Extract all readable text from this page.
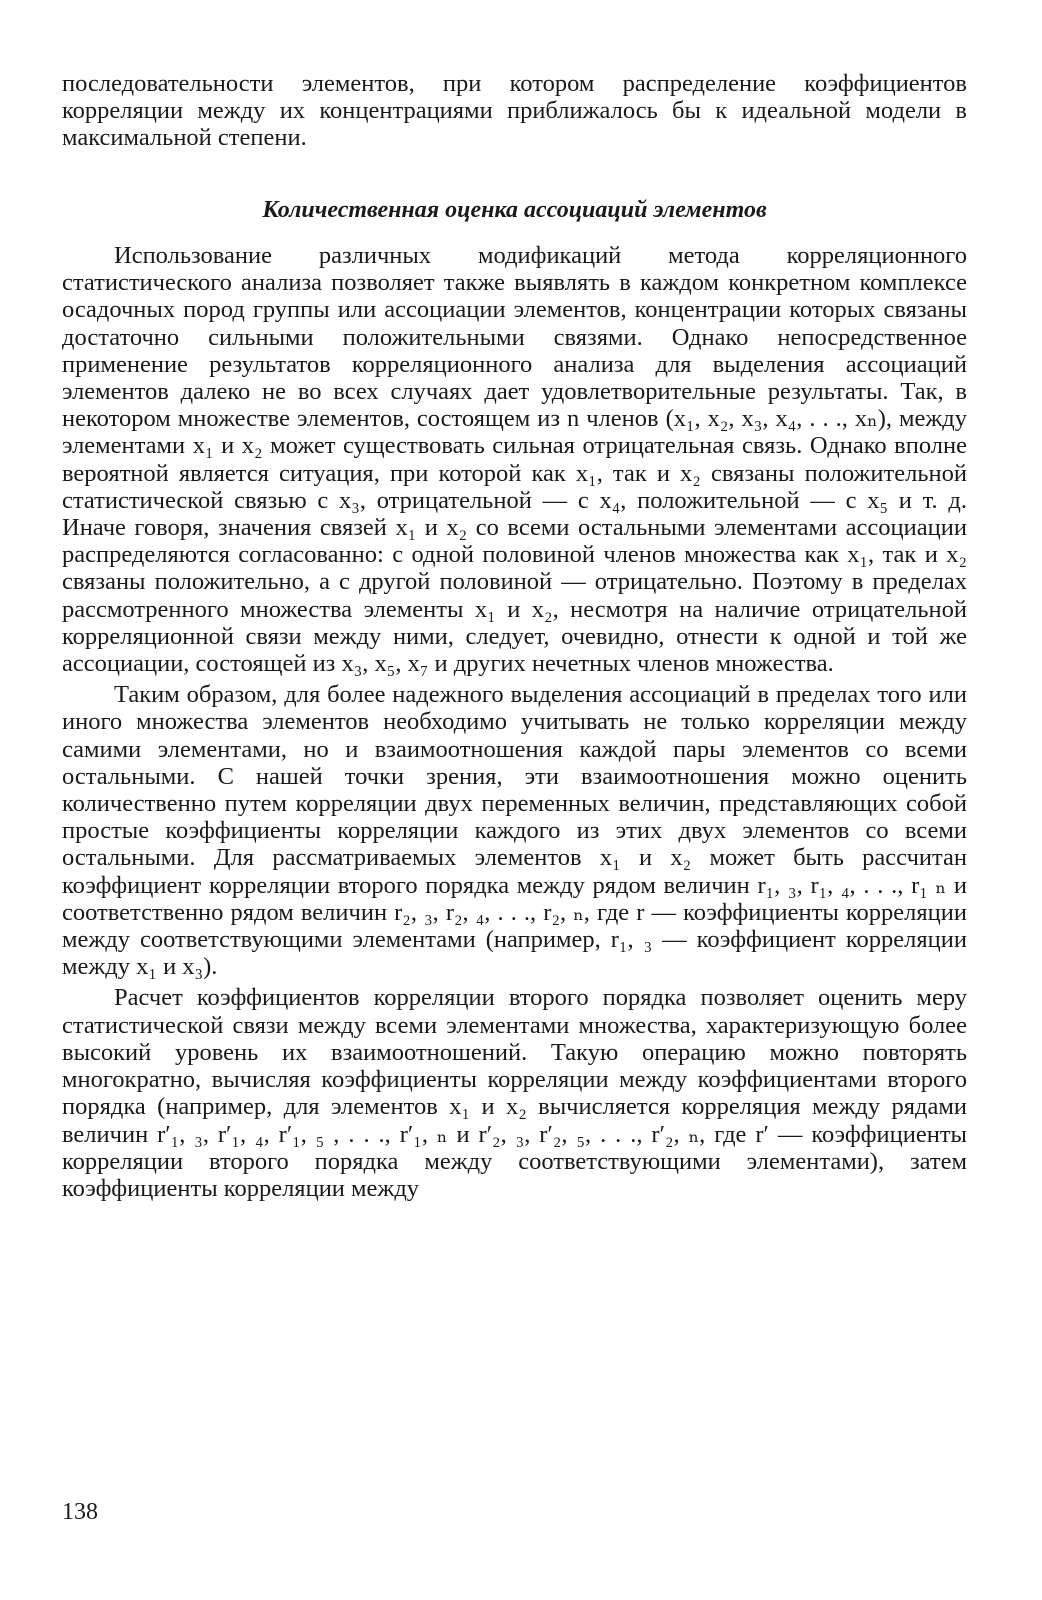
последовательности элементов, при котором распределение коэффициентов корреляции между их концентрациями приближалось бы к идеальной модели в максимальной степени.

Количественная оценка ассоциаций элементов

Использование различных модификаций метода корреляционного статистического анализа позволяет также выявлять в каждом конкретном комплексе осадочных пород группы или ассоциации элементов, концентрации которых связаны достаточно сильными положительными связями. Однако непосредственное применение результатов корреляционного анализа для выделения ассоциаций элементов далеко не во всех случаях дает удовлетворительные результаты. Так, в некотором множестве элементов, состоящем из n членов (x₁, x₂, x₃, x₄, . . ., xₙ), между элементами x₁ и x₂ может существовать сильная отрицательная связь. Однако вполне вероятной является ситуация, при которой как x₁, так и x₂ связаны положительной статистической связью с x₃, отрицательной — с x₄, положительной — с x₅ и т. д. Иначе говоря, значения связей x₁ и x₂ со всеми остальными элементами ассоциации распределяются согласованно: с одной половиной членов множества как x₁, так и x₂ связаны положительно, а с другой половиной — отрицательно. Поэтому в пределах рассмотренного множества элементы x₁ и x₂, несмотря на наличие отрицательной корреляционной связи между ними, следует, очевидно, отнести к одной и той же ассоциации, состоящей из x₃, x₅, x₇ и других нечетных членов множества.

Таким образом, для более надежного выделения ассоциаций в пределах того или иного множества элементов необходимо учитывать не только корреляции между самими элементами, но и взаимоотношения каждой пары элементов со всеми остальными. С нашей точки зрения, эти взаимоотношения можно оценить количественно путем корреляции двух переменных величин, представляющих собой простые коэффициенты корреляции каждого из этих двух элементов со всеми остальными. Для рассматриваемых элементов x₁ и x₂ может быть рассчитан коэффициент корреляции второго порядка между рядом величин r₁, ₃, r₁, ₄, . . ., r₁ ₙ и соответственно рядом величин r₂, ₃, r₂, ₄, . . ., r₂, ₙ, где r — коэффициенты корреляции между соответствующими элементами (например, r₁, ₃ — коэффициент корреляции между x₁ и x₃).

Расчет коэффициентов корреляции второго порядка позволяет оценить меру статистической связи между всеми элементами множества, характеризующую более высокий уровень их взаимоотношений. Такую операцию можно повторять многократно, вычисляя коэффициенты корреляции между коэффициентами второго порядка (например, для элементов x₁ и x₂ вычисляется корреляция между рядами величин r′₁, ₃, r′₁, ₄, r′₁, ₅ , . . ., r′₁, ₙ и r′₂, ₃, r′₂, ₅, . . ., r′₂, ₙ, где r′ — коэффициенты корреляции второго порядка между соответствующими элементами), затем коэффициенты корреляции между

138
